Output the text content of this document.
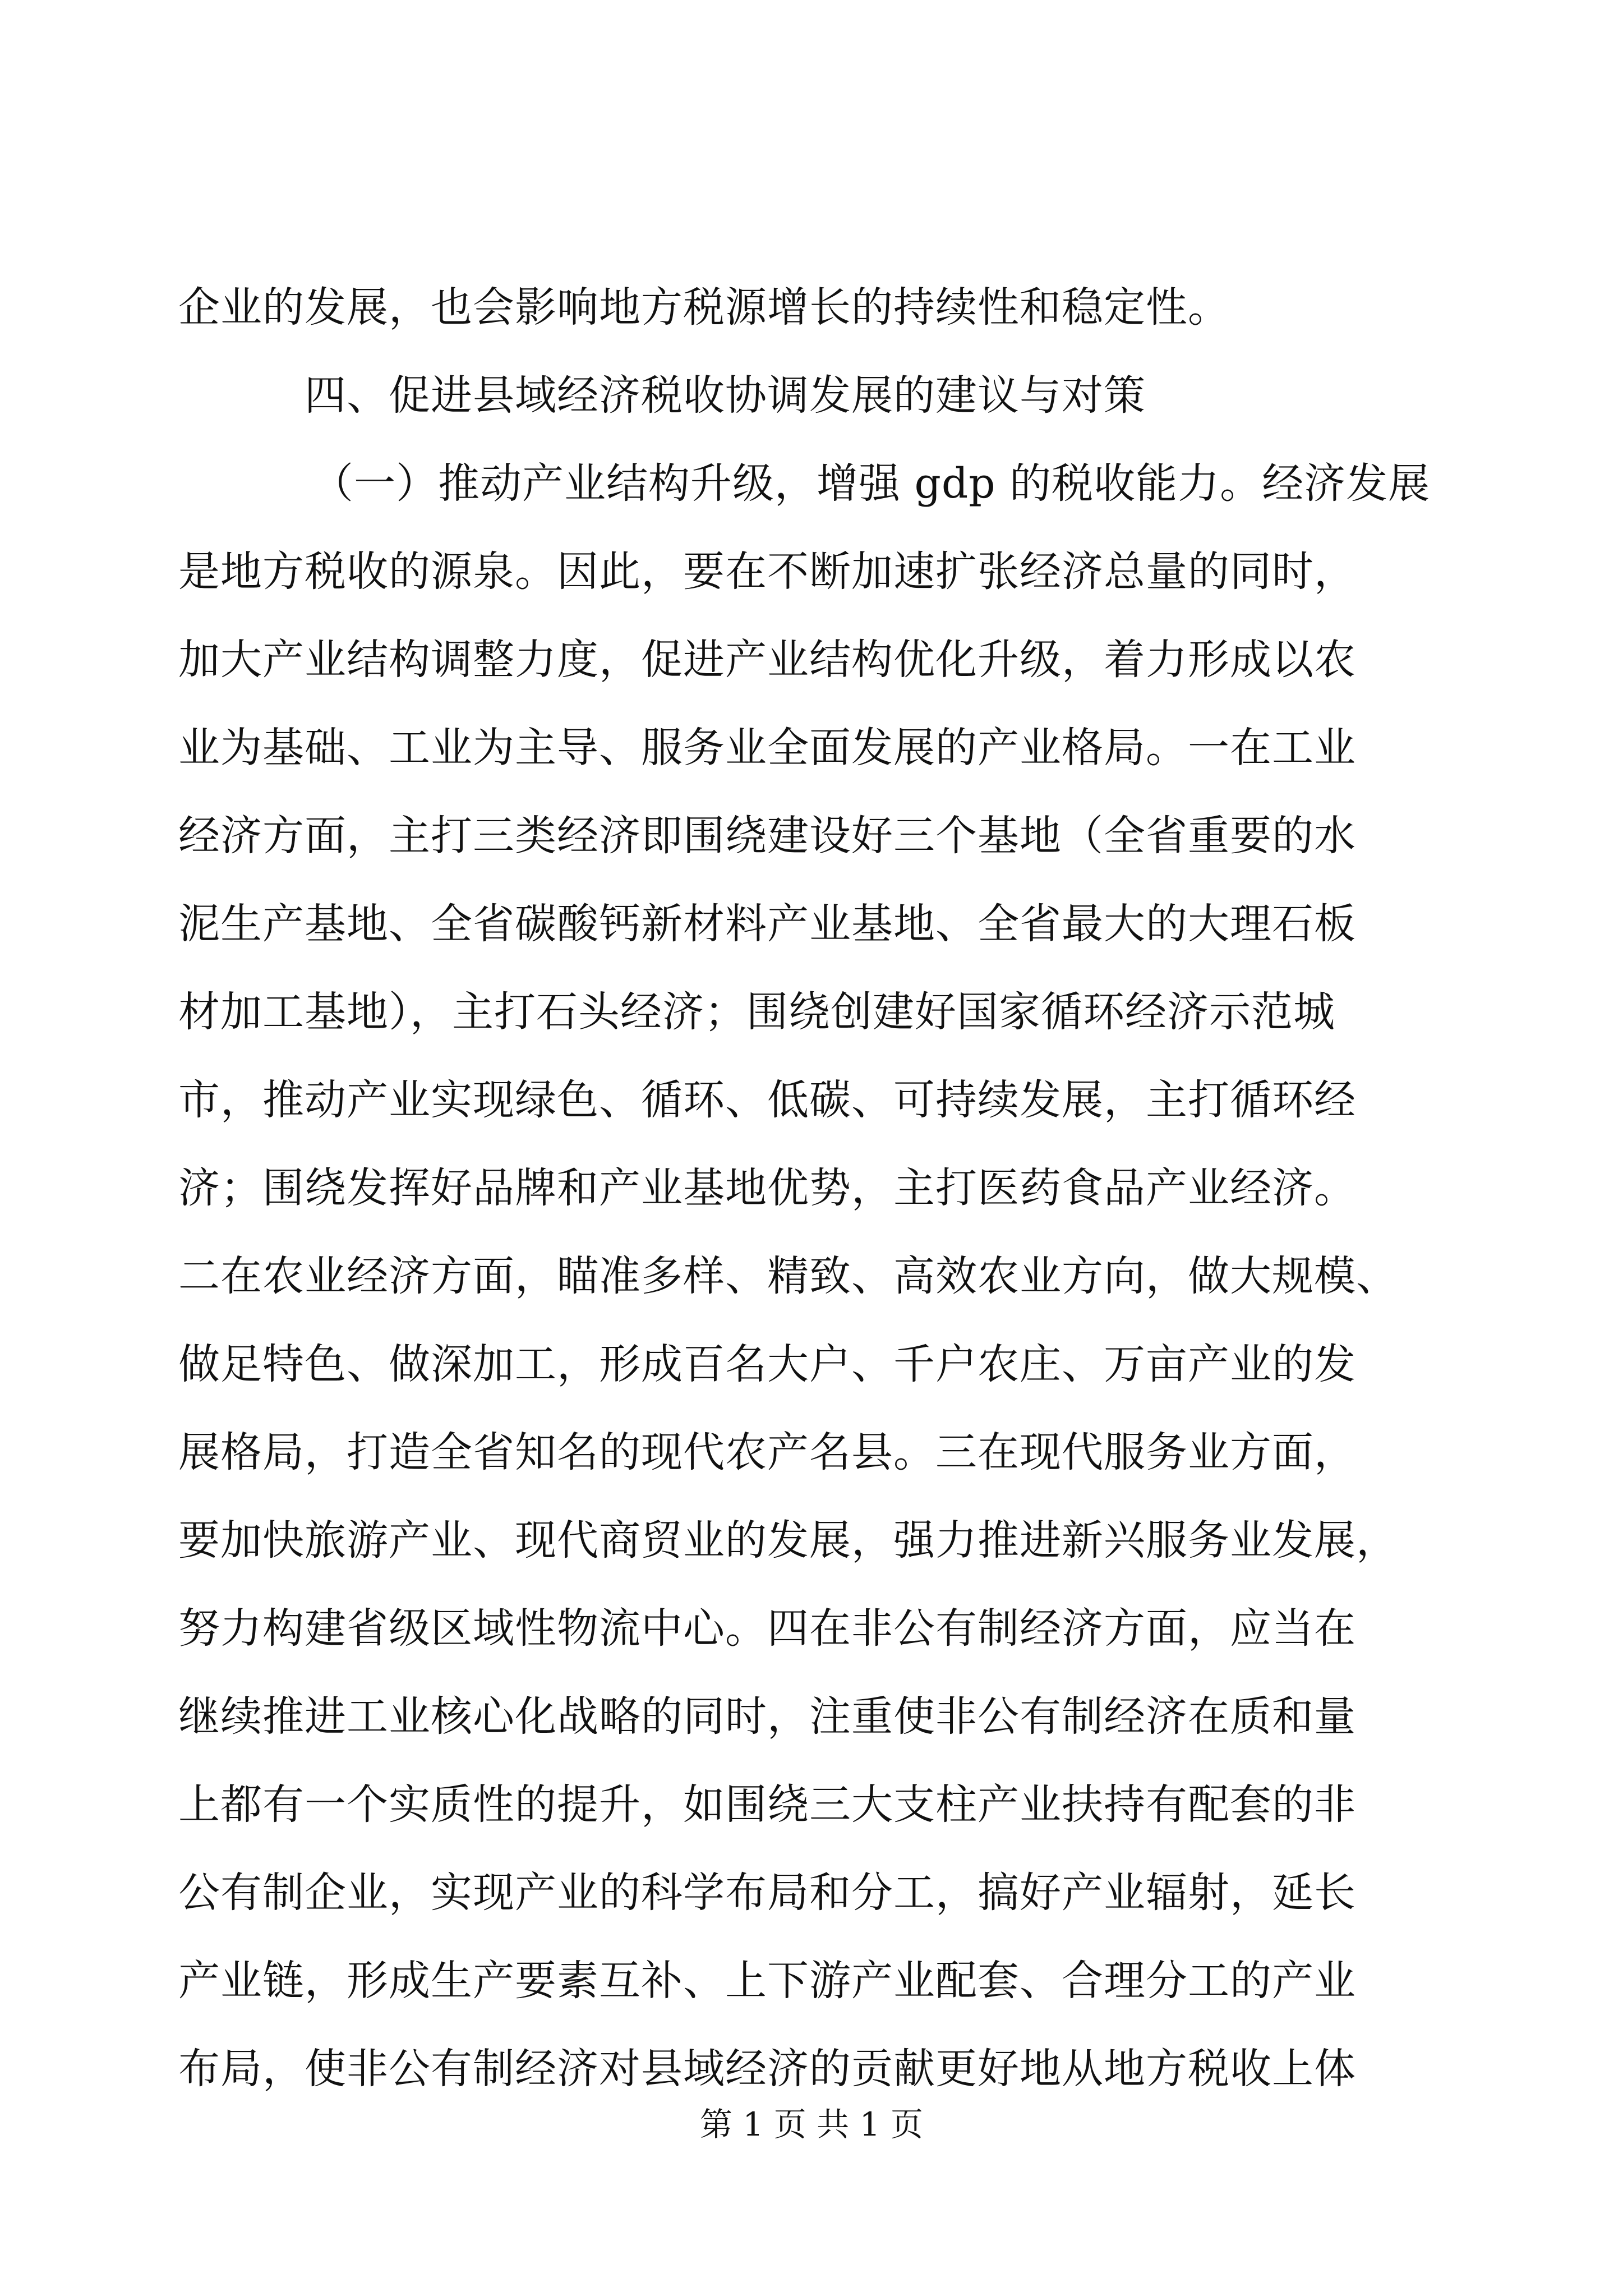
企业的发展，也会影响地方税源增长的持续性和稳定性。
四、促进县域经济税收协调发展的建议与对策
（一）推动产业结构升级，增强 gdp 的税收能力。经济发展
是地方税收的源泉。因此，要在不断加速扩张经济总量的同时，
加大产业结构调整力度，促进产业结构优化升级，着力形成以农
业为基础、工业为主导、服务业全面发展的产业格局。一在工业
经济方面，主打三类经济即围绕建设好三个基地（全省重要的水
泥生产基地、全省碳酸钙新材料产业基地、全省最大的大理石板
材加工基地），主打石头经济；围绕创建好国家循环经济示范城
市，推动产业实现绿色、循环、低碳、可持续发展，主打循环经
济；围绕发挥好品牌和产业基地优势，主打医药食品产业经济。
二在农业经济方面，瞄准多样、精致、高效农业方向，做大规模、
做足特色、做深加工，形成百名大户、千户农庄、万亩产业的发
展格局，打造全省知名的现代农产名县。三在现代服务业方面，
要加快旅游产业、现代商贸业的发展，强力推进新兴服务业发展，
努力构建省级区域性物流中心。四在非公有制经济方面，应当在
继续推进工业核心化战略的同时，注重使非公有制经济在质和量
上都有一个实质性的提升，如围绕三大支柱产业扶持有配套的非
公有制企业，实现产业的科学布局和分工，搞好产业辐射，延长
产业链，形成生产要素互补、上下游产业配套、合理分工的产业
布局，使非公有制经济对县域经济的贡献更好地从地方税收上体
第 1 页 共 1 页
